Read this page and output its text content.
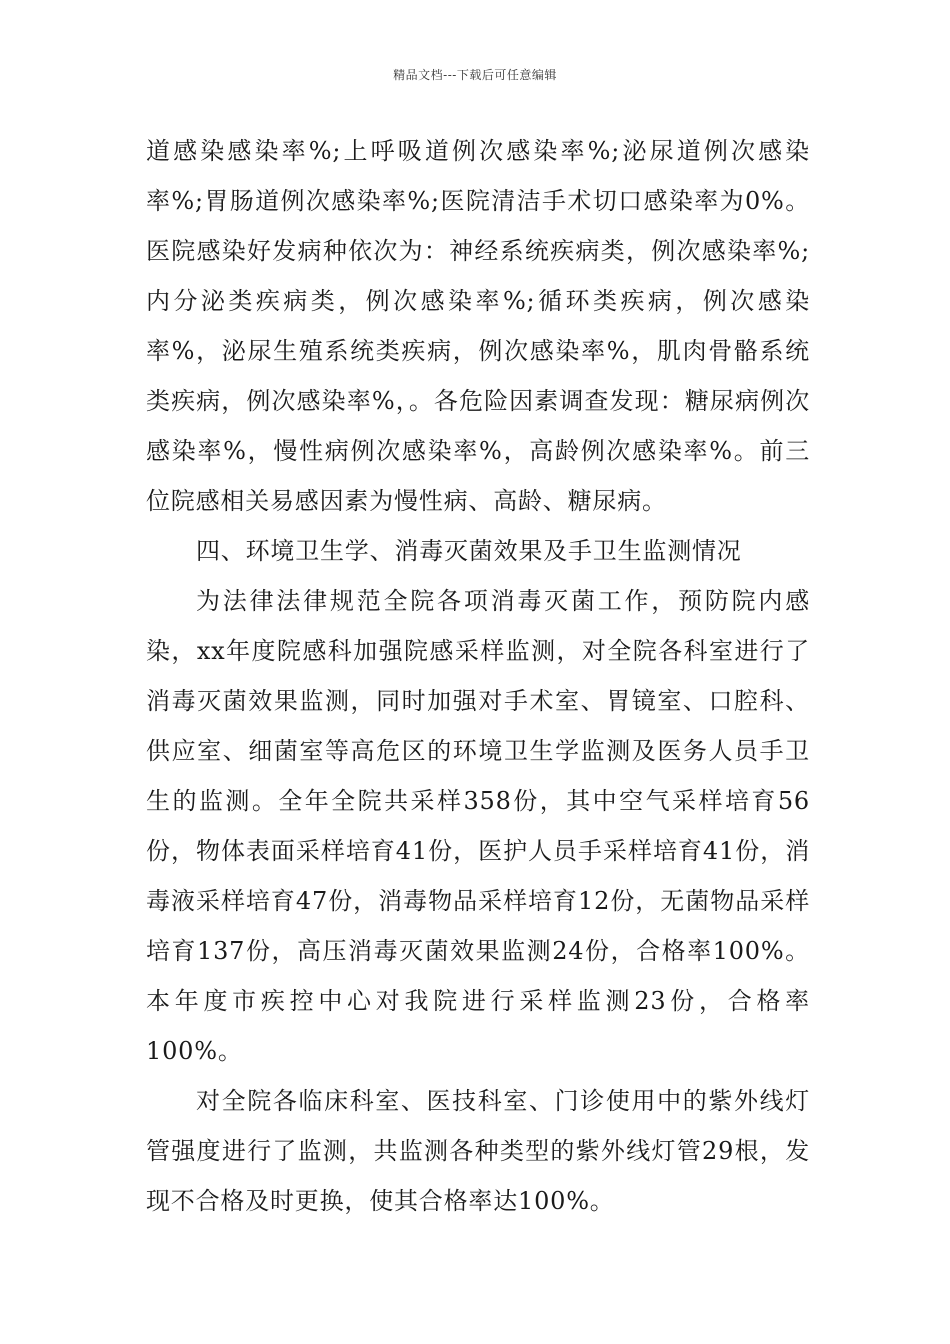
精品文档---下载后可任意编辑

道感染感染率%;上呼吸道例次感染率%;泌尿道例次感染率%;胃肠道例次感染率%;医院清洁手术切口感染率为0%。医院感染好发病种依次为：神经系统疾病类，例次感染率%;内分泌类疾病类，例次感染率%;循环类疾病，例次感染率%，泌尿生殖系统类疾病，例次感染率%，肌肉骨骼系统类疾病，例次感染率%，。各危险因素调查发现：糖尿病例次感染率%，慢性病例次感染率%，高龄例次感染率%。前三位院感相关易感因素为慢性病、高龄、糖尿病。

四、环境卫生学、消毒灭菌效果及手卫生监测情况

为法律法律规范全院各项消毒灭菌工作，预防院内感染，xx年度院感科加强院感采样监测，对全院各科室进行了消毒灭菌效果监测，同时加强对手术室、胃镜室、口腔科、供应室、细菌室等高危区的环境卫生学监测及医务人员手卫生的监测。全年全院共采样358份，其中空气采样培育56份，物体表面采样培育41份，医护人员手采样培育41份，消毒液采样培育47份，消毒物品采样培育12份，无菌物品采样培育137份，高压消毒灭菌效果监测24份，合格率100%。本年度市疾控中心对我院进行采样监测23份，合格率100%。

对全院各临床科室、医技科室、门诊使用中的紫外线灯管强度进行了监测，共监测各种类型的紫外线灯管29根，发现不合格及时更换，使其合格率达100%。
